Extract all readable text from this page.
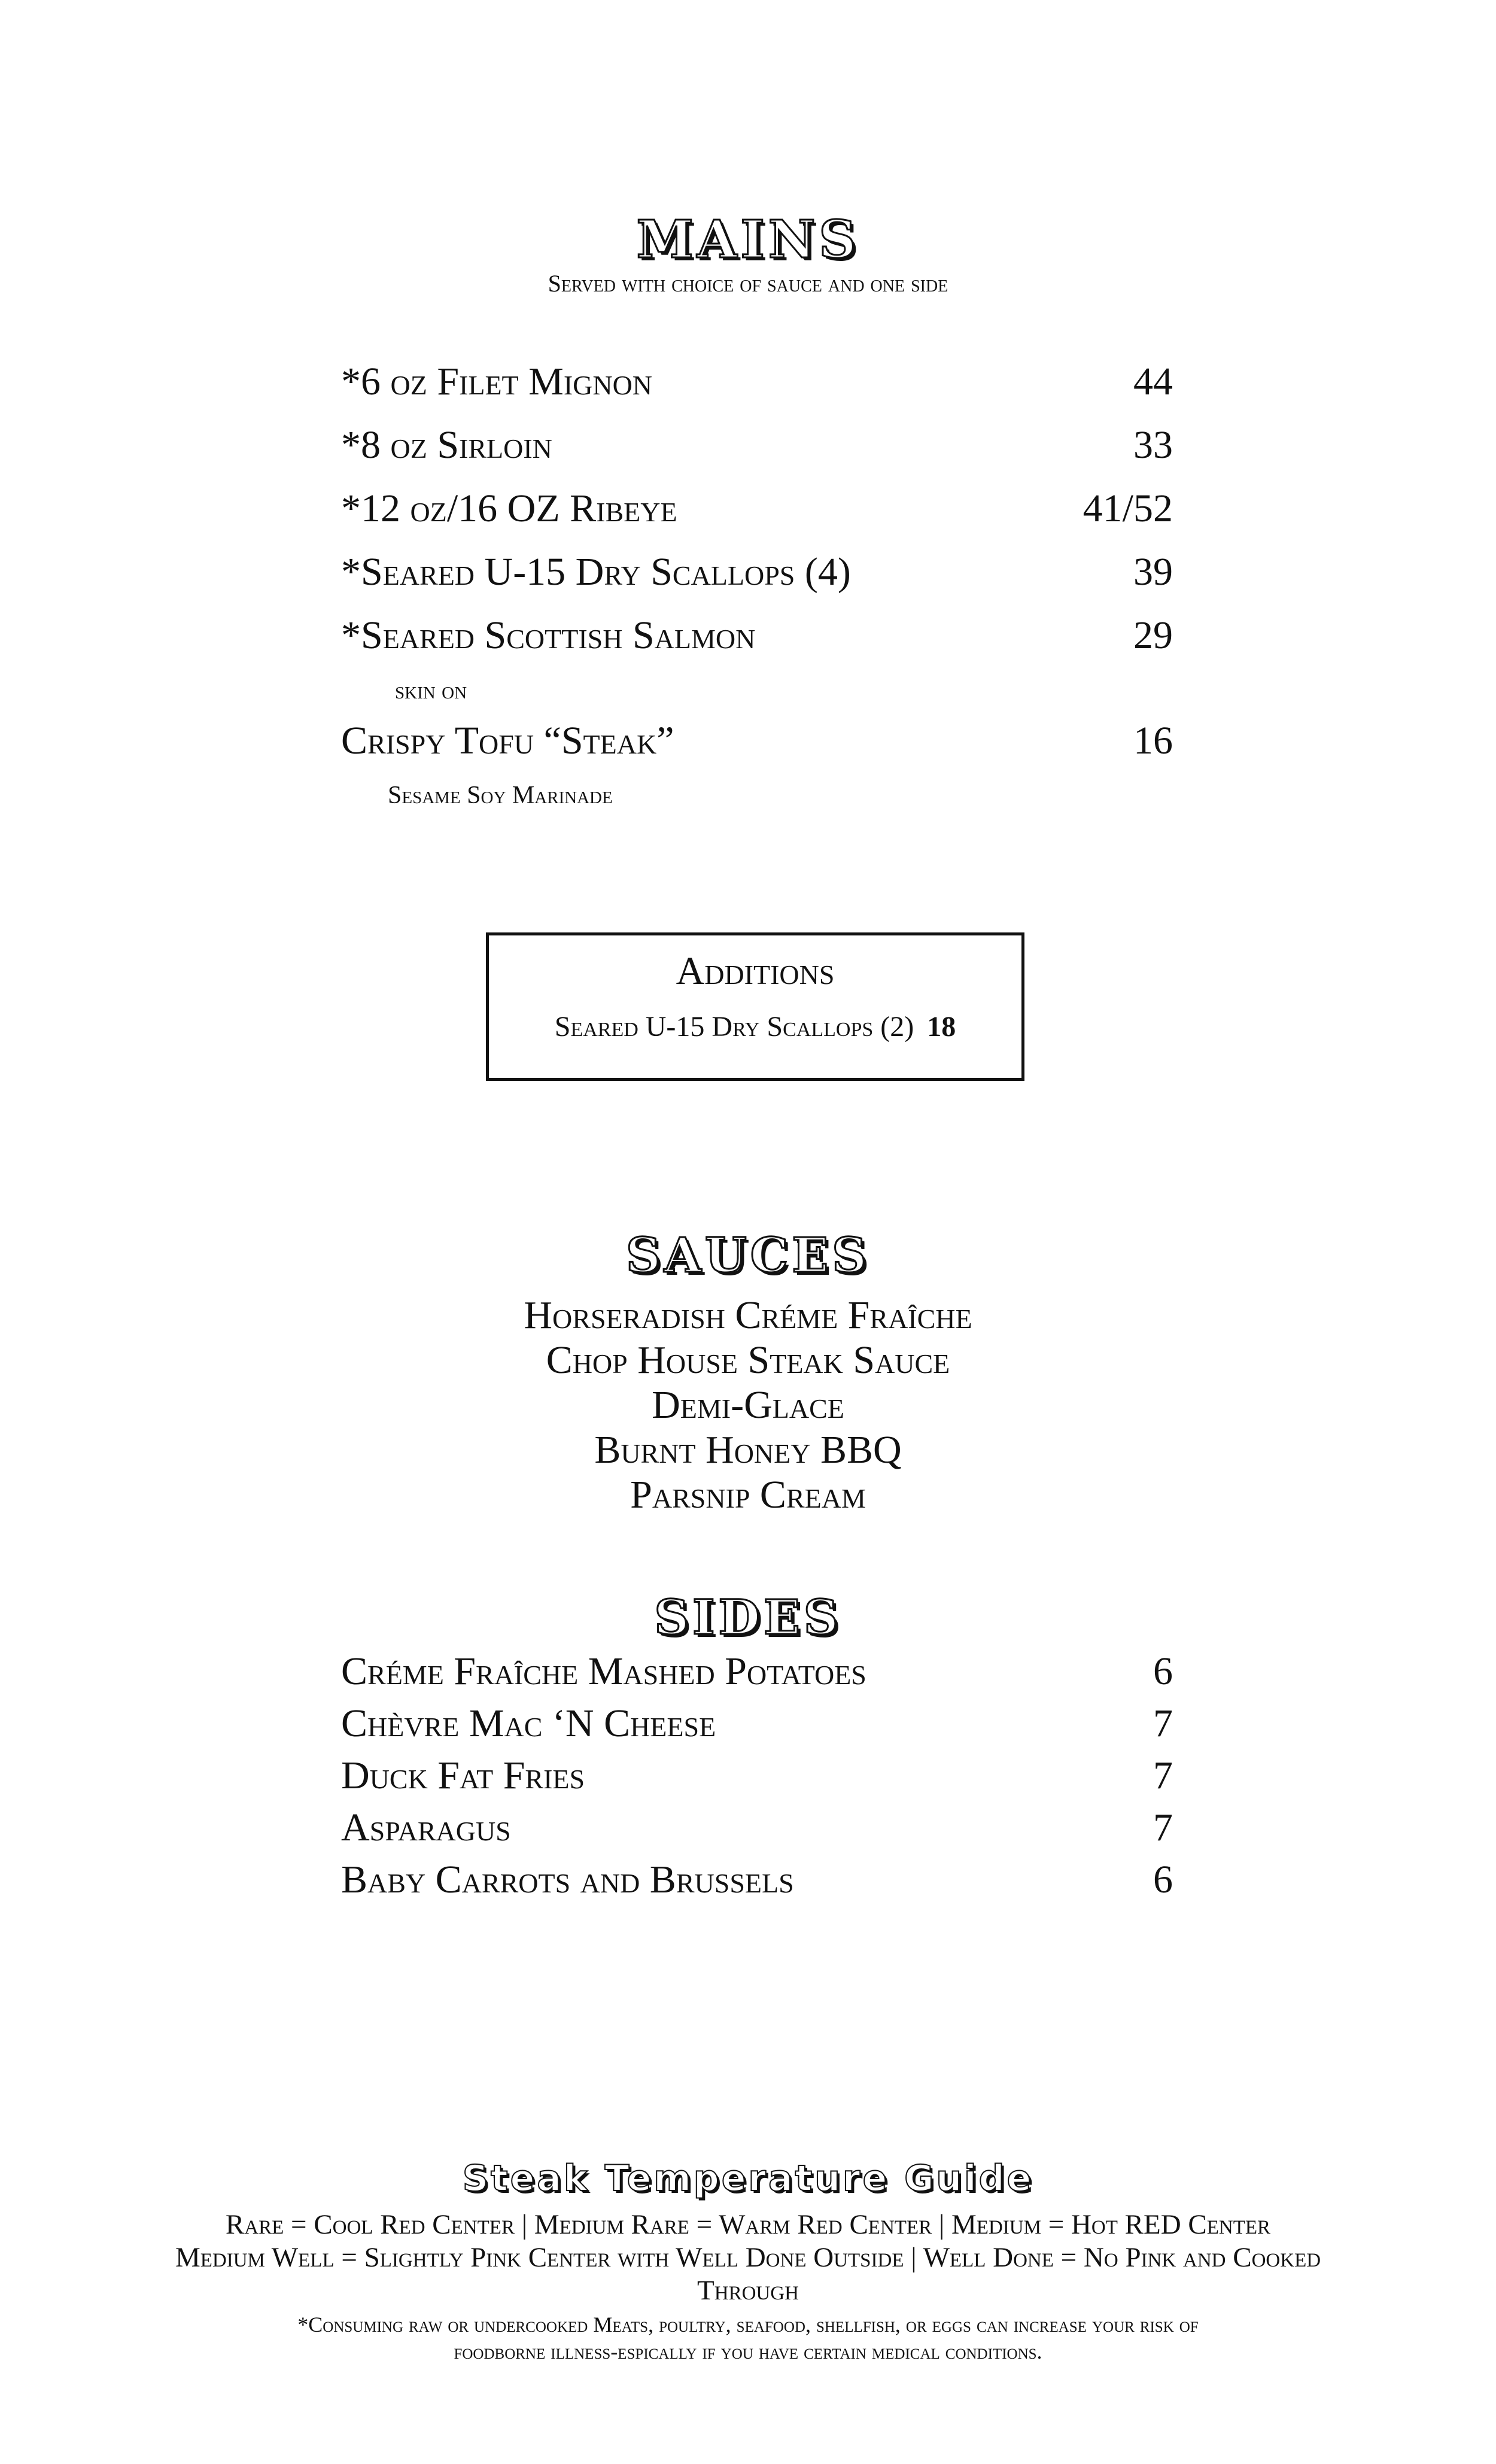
MAINS

Served with choice of sauce and one side

*6 oz Filet Mignon	44
*8 oz Sirloin	33
*12 oz/16 OZ Ribeye	41/52
*Seared U-15 Dry Scallops (4)	39
*Seared Scottish Salmon	29
skin on
Crispy Tofu “Steak”	16
Sesame Soy Marinade
Additions
Seared U-15 Dry Scallops (2) 18
SAUCES
Horseradish Créme Fraîche
Chop House Steak Sauce
Demi-Glace
Burnt Honey BBQ
Parsnip Cream
SIDES
Créme Fraîche Mashed Potatoes	6
Chèvre Mac ‘N Cheese	7
Duck Fat Fries	7
Asparagus	7
Baby Carrots and Brussels	6
Steak Temperature Guide
Rare = Cool Red Center | Medium Rare = Warm Red Center | Medium = Hot RED Center
Medium Well = Slightly Pink Center with Well Done Outside | Well Done = No Pink and Cooked
Through
*Consuming raw or undercooked Meats, poultry, seafood, shellfish, or eggs can increase your risk of
foodborne illness-espically if you have certain medical conditions.
